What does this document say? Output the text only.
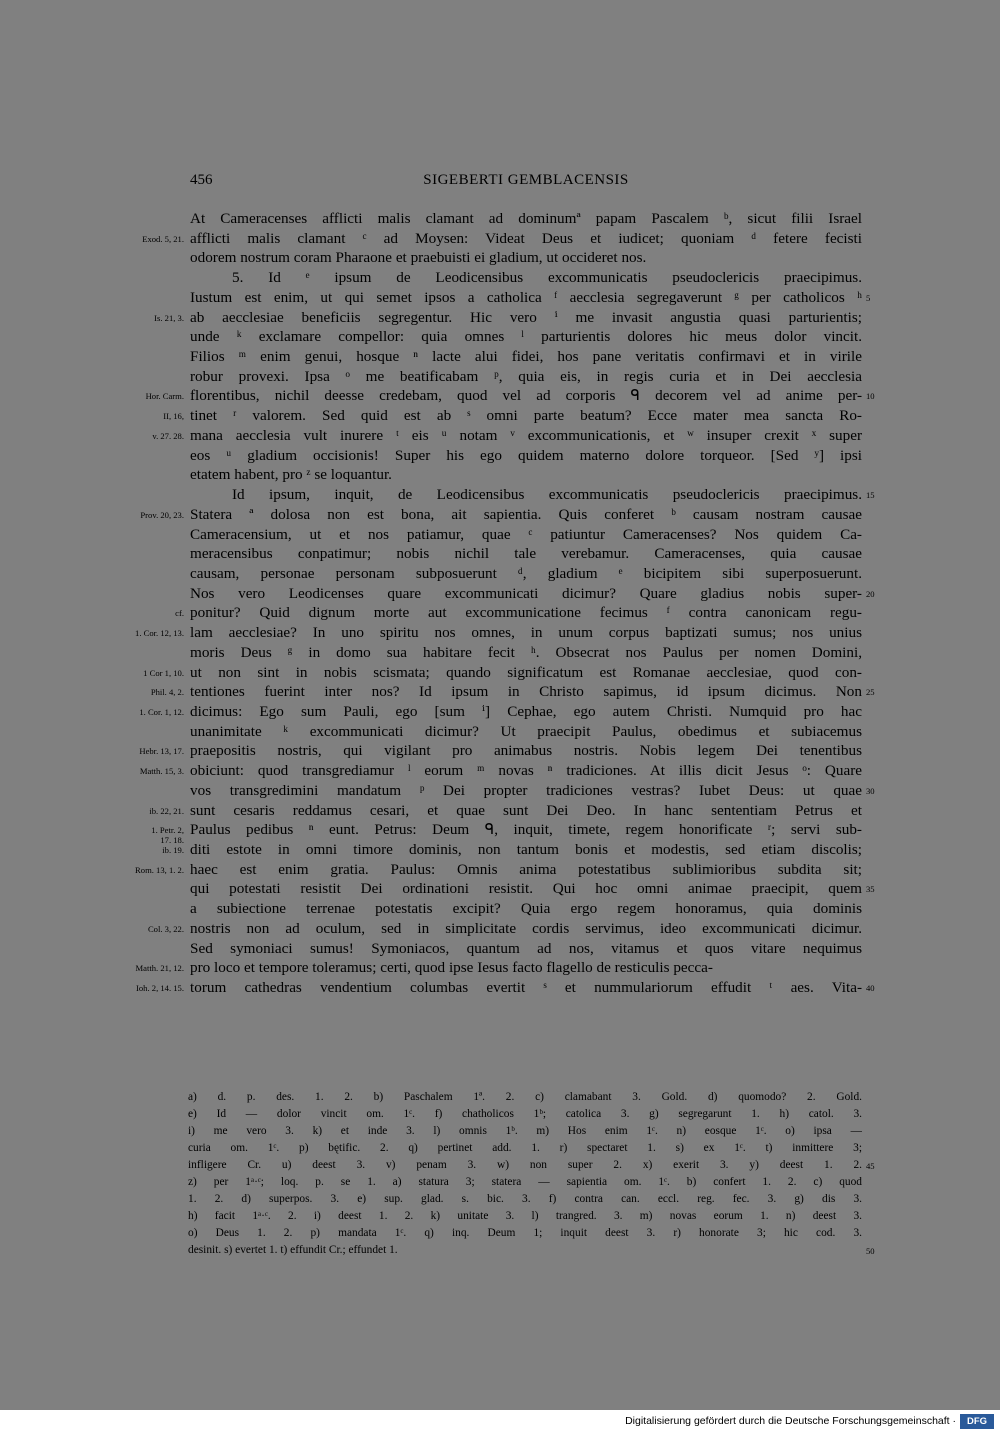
456	SIGEBERTI GEMBLACENSIS
At Cameracenses afflicti malis clamant ad dominumª papam Pascalem ᵇ, sicut filii Israel
afflicti malis clamant ᶜ ad Moysen: Videat Deus et iudicet; quoniam ᵈ fetere fecisti
odorem nostrum coram Pharaone et praebuisti ei gladium, ut occideret nos.
5. Id ᵉ ipsum de Leodicensibus excommunicatis pseudoclericis praecipimus.
Iustum est enim, ut qui semet ipsos a catholica ᶠ aecclesia segregaverunt ᵍ per catholicos ʰ
ab aecclesiae beneficiis segregentur. Hic vero ⁱ me invasit angustia quasi parturientis;
unde ᵏ exclamare compellor: quia omnes ˡ parturientis dolores hic meus dolor vincit.
Filios ᵐ enim genui, hosque ⁿ lacte alui fidei, hos pane veritatis confirmavi et in virile
robur provexi. Ipsa ᵒ me beatificabam ᵖ, quia eis, in regis curia et in Dei aecclesia
florentibus, nichil deesse credebam, quod vel ad corporis ᑫ decorem vel ad anime per-
tinet ʳ valorem. Sed quid est ab ˢ omni parte beatum? Ecce mater mea sancta Ro-
mana aecclesia vult inurere ᵗ eis ᵘ notam ᵛ excommunicationis, et ʷ insuper crexit ˣ super
eos ᵘ gladium occisionis! Super his ego quidem materno dolore torqueor. [Sed ʸ] ipsi
etatem habent, pro ᶻ se loquantur.
Id ipsum, inquit, de Leodicensibus excommunicatis pseudoclericis praecipimus.
Statera ª dolosa non est bona, ait sapientia. Quis conferet ᵇ causam nostram causae
Cameracensium, ut et nos patiamur, quae ᶜ patiuntur Cameracenses? Nos quidem Ca-
meracensibus conpatimur; nobis nichil tale verebamur. Cameracenses, quia causae
causam, personae personam subposuerunt ᵈ, gladium ᵉ bicipitem sibi superposuerunt.
Nos vero Leodicenses quare excommunicati dicimur? Quare gladius nobis super-
ponitur? Quid dignum morte aut excommunicatione fecimus ᶠ contra canonicam regu-
lam aecclesiae? In uno spiritu nos omnes, in unum corpus baptizati sumus; nos unius
moris Deus ᵍ in domo sua habitare fecit ʰ. Obsecrat nos Paulus per nomen Domini,
ut non sint in nobis scismata; quando significatum est Romanae aecclesiae, quod con-
tentiones fuerint inter nos? Id ipsum in Christo sapimus, id ipsum dicimus. Non
dicimus: Ego sum Pauli, ego [sum ⁱ] Cephae, ego autem Christi. Numquid pro hac
unanimitate ᵏ excommunicati dicimur? Ut praecipit Paulus, obedimus et subiacemus
praepositis nostris, qui vigilant pro animabus nostris. Nobis legem Dei tenentibus
obiciunt: quod transgrediamur ˡ eorum ᵐ novas ⁿ tradiciones. At illis dicit Jesus ᵒ: Quare
vos transgredimini mandatum ᵖ Dei propter tradiciones vestras? Iubet Deus: ut quae
sunt cesaris reddamus cesari, et quae sunt Dei Deo. In hanc sententiam Petrus et
Paulus pedibus ⁿ eunt. Petrus: Deum ᑫ, inquit, timete, regem honorificate ʳ; servi sub-
diti estote in omni timore dominis, non tantum bonis et modestis, sed etiam discolis;
haec est enim gratia. Paulus: Omnis anima potestatibus sublimioribus subdita sit;
qui potestati resistit Dei ordinationi resistit. Qui hoc omni animae praecipit, quem
a subiectione terrenae potestatis excipit? Quia ergo regem honoramus, quia dominis
nostris non ad oculum, sed in simplicitate cordis servimus, ideo excommunicati dicimur.
Sed symoniaci sumus! Symoniacos, quantum ad nos, vitamus et quos vitare nequimus
pro loco et tempore toleramus; certi, quod ipse Iesus facto flagello de resticulis pecca-
torum cathedras vendentium columbas evertit ˢ et nummulariorum effudit ᵗ aes. Vita-
Exod. 5, 21.
Is. 21, 3.
Hor. Carm.
II, 16,
v. 27. 28.
Prov. 20, 23.
cf.
1. Cor. 12, 13.
1 Cor 1, 10.
Phil. 4, 2.
1. Cor. 1, 12.
Hebr. 13, 17.
Matth. 15, 3.
ib. 22, 21.
1. Petr. 2,
17. 18.
ib. 19.
Rom. 13, 1. 2.
Col. 3, 22.
Matth. 21, 12.
Ioh. 2, 14. 15.
5
10
15
20
25
30
35
40
a) d. p. des. 1. 2. b) Paschalem 1ª. 2. c) clamabant 3. Gold. d) quomodo? 2. Gold.
e) Id — dolor vincit om. 1ᶜ. f) chatholicos 1ᵇ; catolica 3. g) segregarunt 1. h) catol. 3.
i) me vero 3. k) et inde 3. l) omnis 1ᵇ. m) Hos enim 1ᶜ. n) eosque 1ᶜ. o) ipsa —
curia om. 1ᶜ. p) bętific. 2. q) pertinet add. 1. r) spectaret 1. s) ex 1ᶜ. t) inmittere 3;
infligere Cr. u) deest 3. v) penam 3. w) non super 2. x) exerit 3. y) deest 1. 2.
z) per 1ᵃ·ᶜ; loq. p. se 1. a) statura 3; statera — sapientia om. 1ᶜ. b) confert 1. 2. c) quod
1. 2. d) superpos. 3. e) sup. glad. s. bic. 3. f) contra can. eccl. reg. fec. 3. g) dis 3.
h) facit 1ᵃ·ᶜ. 2. i) deest 1. 2. k) unitate 3. l) trangred. 3. m) novas eorum 1. n) deest 3.
o) Deus 1. 2. p) mandata 1ᶜ. q) inq. Deum 1; inquit deest 3. r) honorate 3; hic cod. 3.
desinit. s) evertet 1. t) effundit Cr.; effundet 1.
45
50
Digitalisierung gefördert durch die Deutsche Forschungsgemeinschaft ·	DFG
